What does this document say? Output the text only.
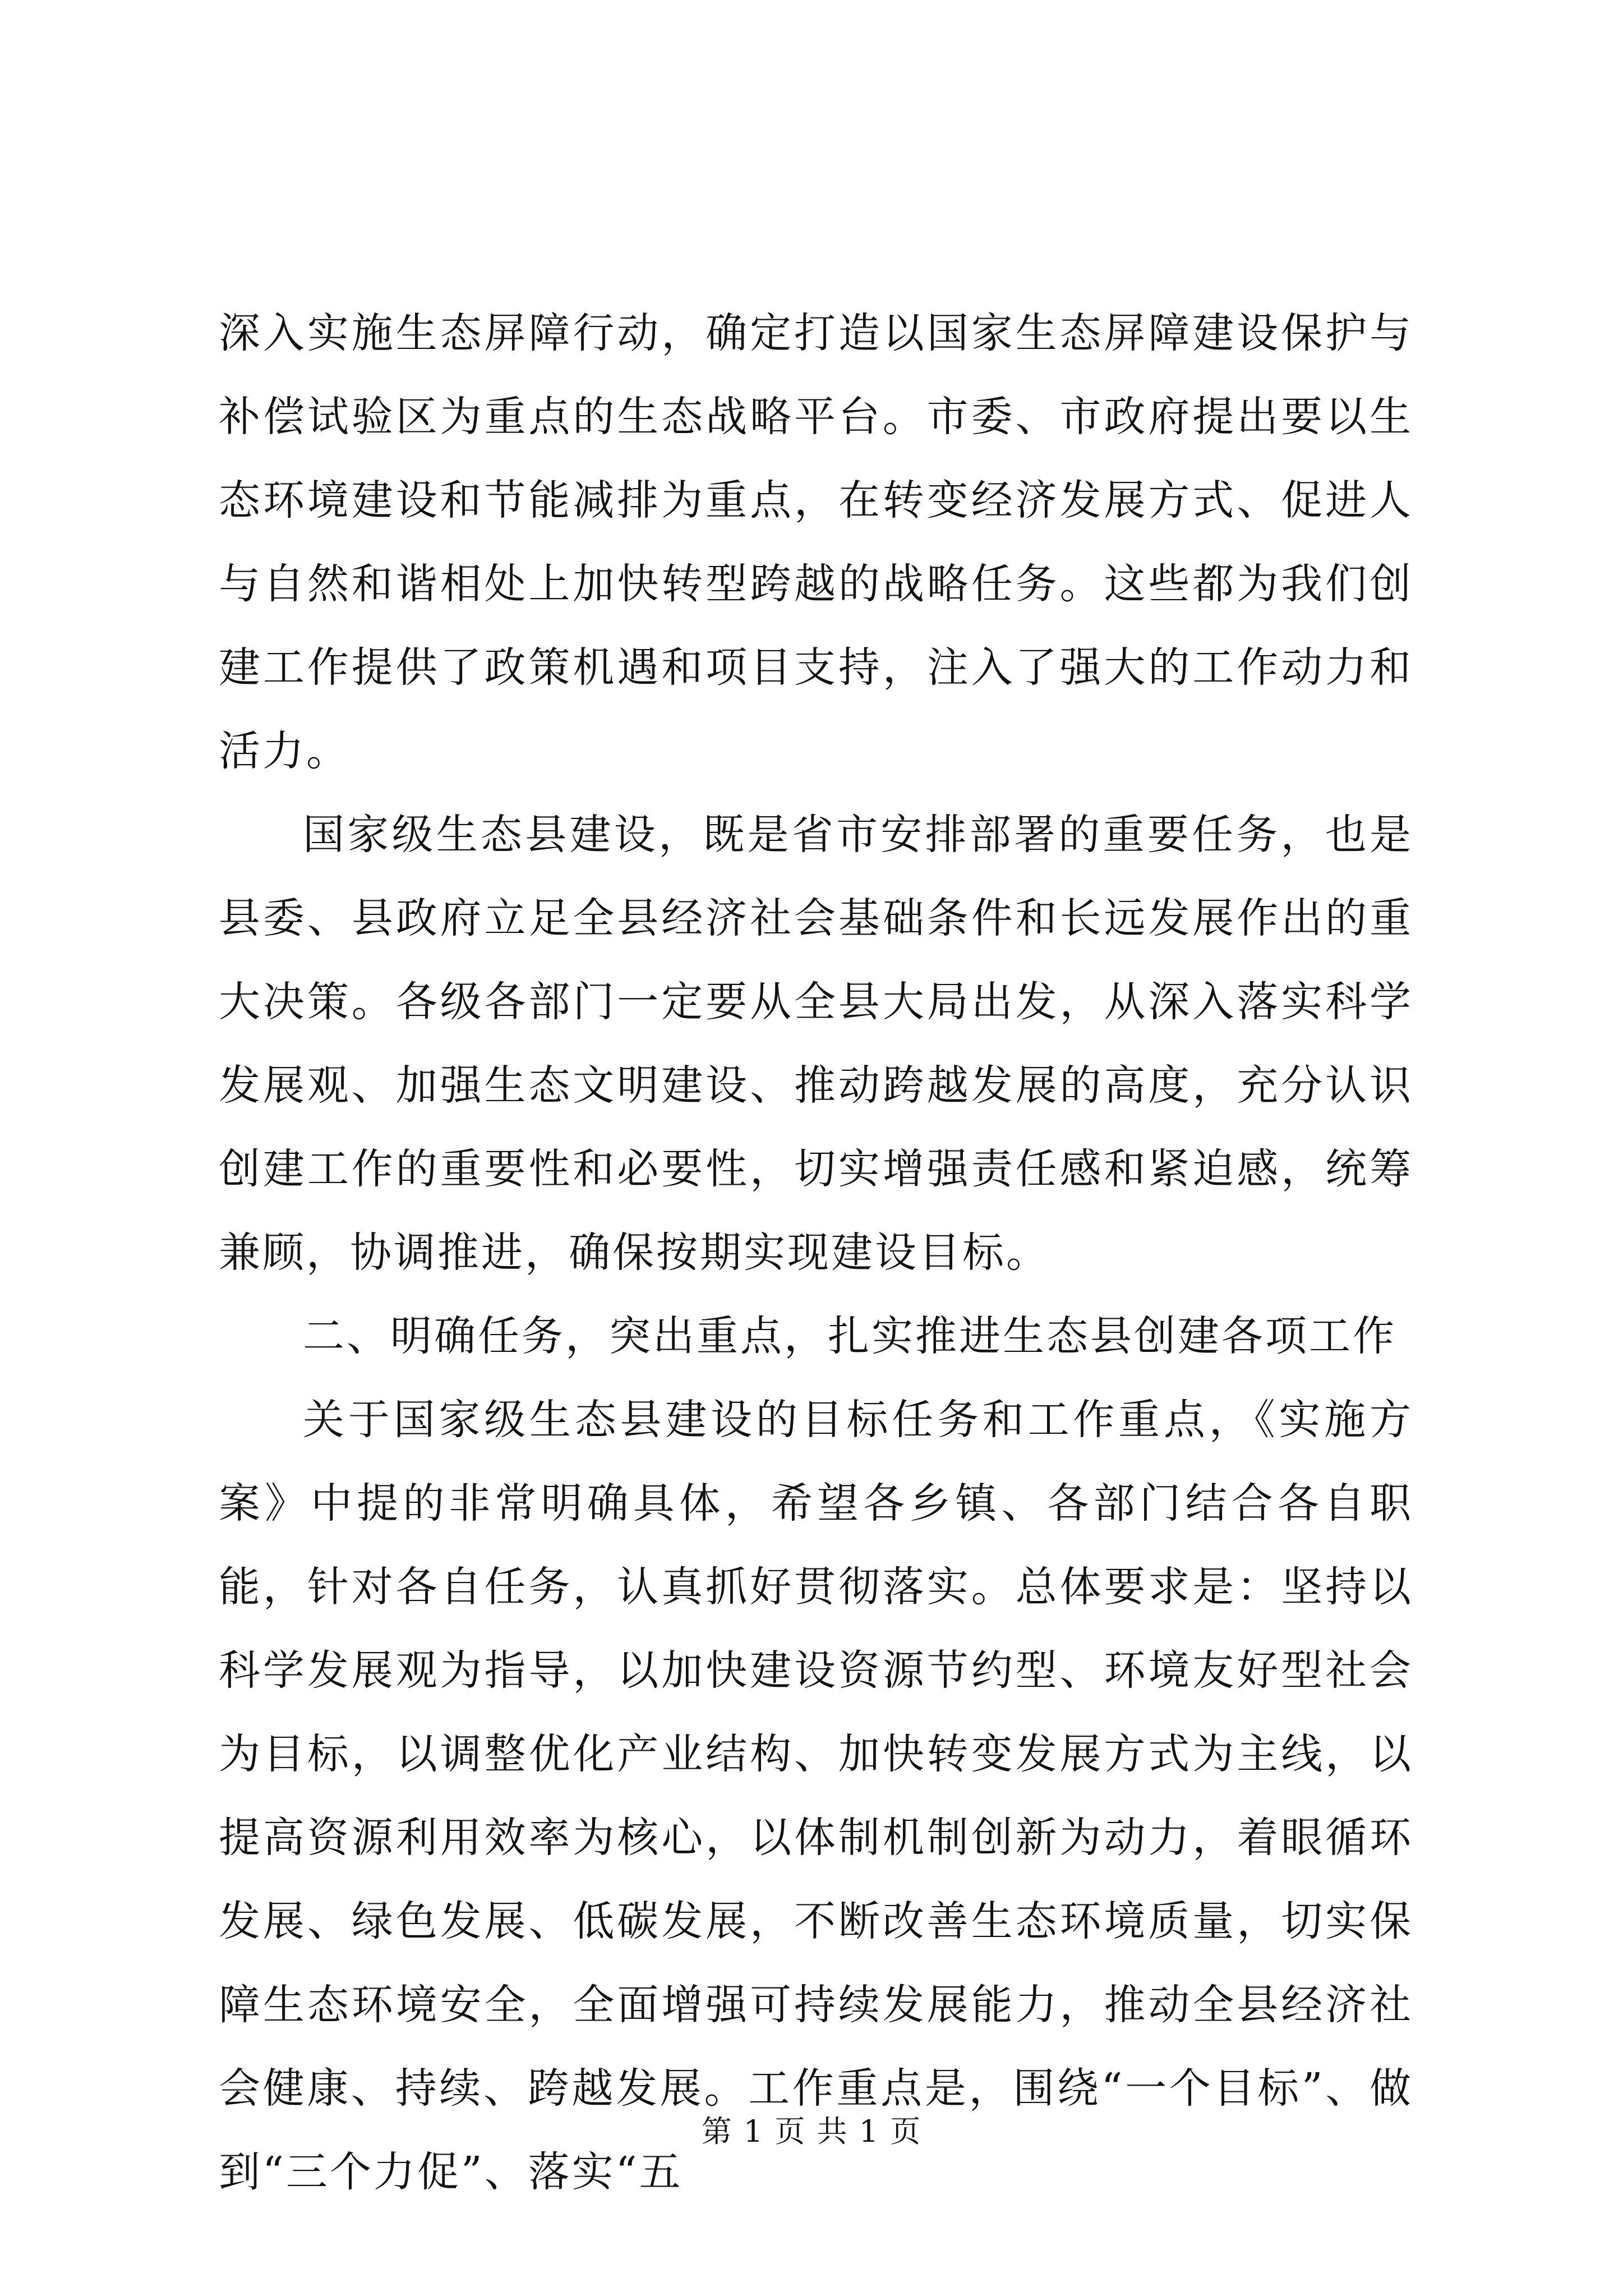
深入实施生态屏障行动，确定打造以国家生态屏障建设保护与补偿试验区为重点的生态战略平台。市委、市政府提出要以生态环境建设和节能减排为重点，在转变经济发展方式、促进人与自然和谐相处上加快转型跨越的战略任务。这些都为我们创建工作提供了政策机遇和项目支持，注入了强大的工作动力和活力。

国家级生态县建设，既是省市安排部署的重要任务，也是县委、县政府立足全县经济社会基础条件和长远发展作出的重大决策。各级各部门一定要从全县大局出发，从深入落实科学发展观、加强生态文明建设、推动跨越发展的高度，充分认识创建工作的重要性和必要性，切实增强责任感和紧迫感，统筹兼顾，协调推进，确保按期实现建设目标。

二、明确任务，突出重点，扎实推进生态县创建各项工作

关于国家级生态县建设的目标任务和工作重点，《实施方案》中提的非常明确具体，希望各乡镇、各部门结合各自职能，针对各自任务，认真抓好贯彻落实。总体要求是：坚持以科学发展观为指导，以加快建设资源节约型、环境友好型社会为目标，以调整优化产业结构、加快转变发展方式为主线，以提高资源利用效率为核心，以体制机制创新为动力，着眼循环发展、绿色发展、低碳发展，不断改善生态环境质量，切实保障生态环境安全，全面增强可持续发展能力，推动全县经济社会健康、持续、跨越发展。工作重点是，围绕“一个目标”、做到“三个力促”、落实“五

第 1 页 共 1 页
